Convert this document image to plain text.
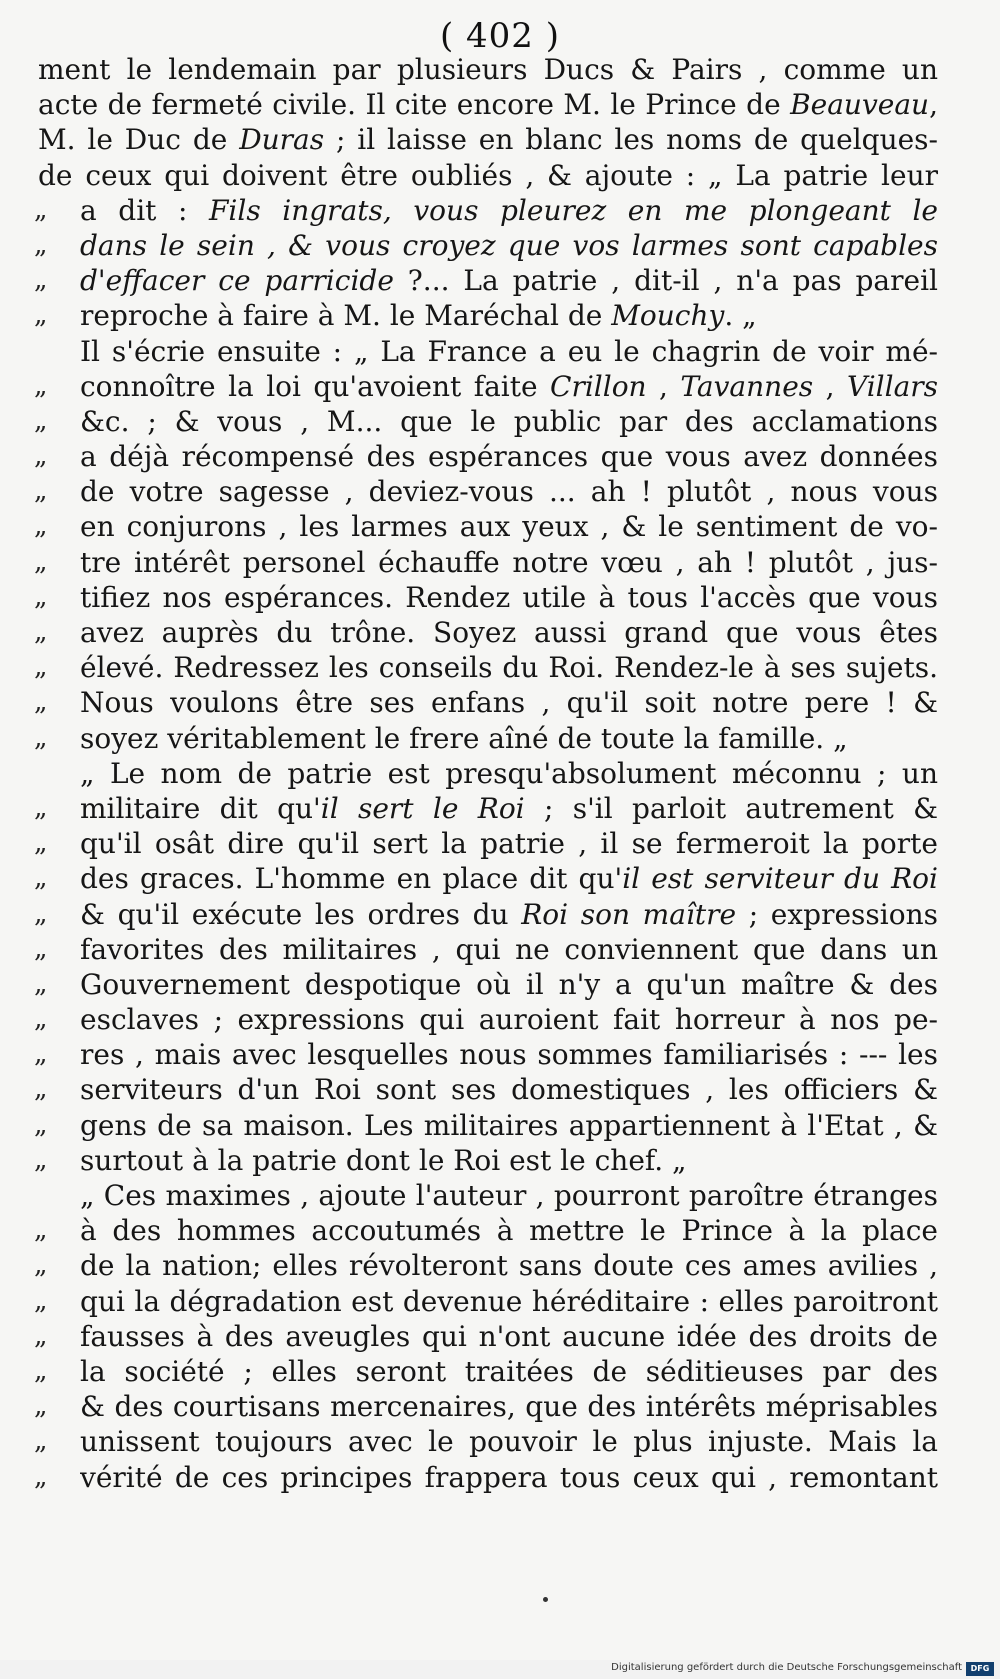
( 402 )
ment le lendemain par plusieurs Ducs & Pairs , comme un
acte de fermeté civile. Il cite encore M. le Prince de Beauveau,
M. le Duc de Duras ; il laisse en blanc les noms de quelques-
de ceux qui doivent être oubliés , & ajoute : „ La patrie leur
„	a dit : Fils ingrats, vous pleurez en me plongeant le
„	dans le sein , & vous croyez que vos larmes sont capables
„	d'effacer ce parricide ?... La patrie , dit-il , n'a pas pareil
„	reproche à faire à M. le Maréchal de Mouchy. „
Il s'écrie ensuite : „ La France a eu le chagrin de voir mé-
„	connoître la loi qu'avoient faite Crillon , Tavannes , Villars
„	&c. ; & vous , M... que le public par des acclamations
„	a déjà récompensé des espérances que vous avez données
„	de votre sagesse , deviez-vous ... ah ! plutôt , nous vous
„	en conjurons , les larmes aux yeux , & le sentiment de vo-
„	tre intérêt personel échauffe notre vœu , ah ! plutôt , jus-
„	tifiez nos espérances. Rendez utile à tous l'accès que vous
„	avez auprès du trône. Soyez aussi grand que vous êtes
„	élevé. Redressez les conseils du Roi. Rendez-le à ses sujets.
„	Nous voulons être ses enfans , qu'il soit notre pere ! &
„	soyez véritablement le frere aîné de toute la famille. „
„ Le nom de patrie est presqu'absolument méconnu ; un
„	militaire dit qu'il sert le Roi ; s'il parloit autrement &
„	qu'il osât dire qu'il sert la patrie , il se fermeroit la porte
„	des graces. L'homme en place dit qu'il est serviteur du Roi
„	& qu'il exécute les ordres du Roi son maître ; expressions
„	favorites des militaires , qui ne conviennent que dans un
„	Gouvernement despotique où il n'y a qu'un maître & des
„	esclaves ; expressions qui auroient fait horreur à nos pe-
„	res , mais avec lesquelles nous sommes familiarisés : --- les
„	serviteurs d'un Roi sont ses domestiques , les officiers &
„	gens de sa maison. Les militaires appartiennent à l'Etat , &
„	surtout à la patrie dont le Roi est le chef. „
„ Ces maximes , ajoute l'auteur , pourront paroître étranges
„	à des hommes accoutumés à mettre le Prince à la place
„	de la nation; elles révolteront sans doute ces ames avilies ,
„	qui la dégradation est devenue héréditaire : elles paroitront
„	fausses à des aveugles qui n'ont aucune idée des droits de
„	la société ; elles seront traitées de séditieuses par des
„	& des courtisans mercenaires, que des intérêts méprisables
„	unissent toujours avec le pouvoir le plus injuste. Mais la
„	vérité de ces principes frappera tous ceux qui , remontant
Digitalisierung gefördert durch die Deutsche Forschungsgemeinschaft	DFG
